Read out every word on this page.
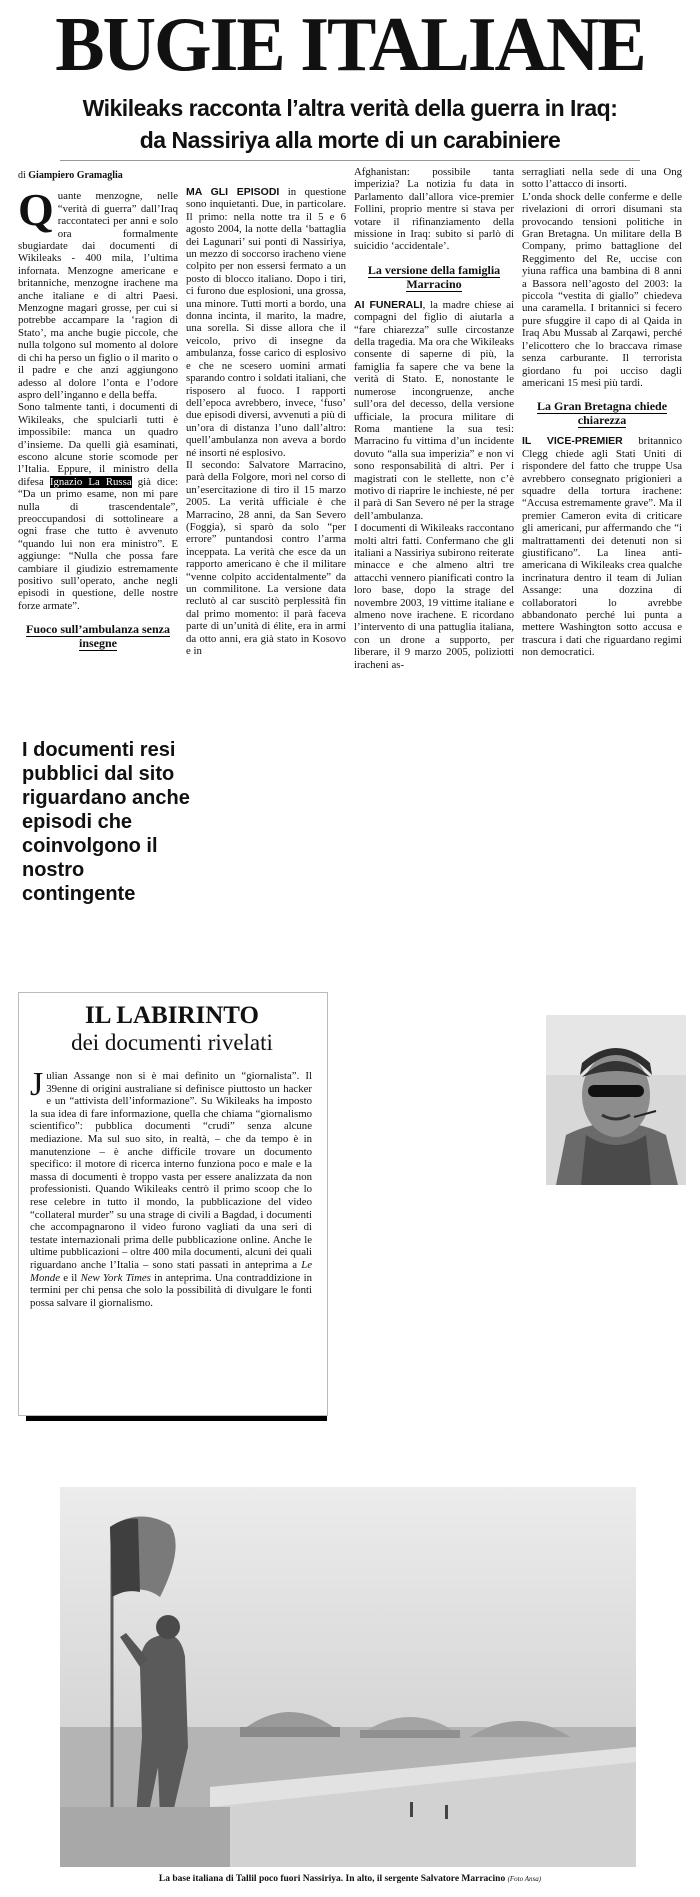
BUGIE ITALIANE
Wikileaks racconta l’altra verità della guerra in Iraq:
da Nassiriya alla morte di un carabiniere
di Giampiero Gramaglia

Quante menzogne, nelle “verità di guerra” dall’Iraq raccontateci per anni e solo ora formalmente sbugiardate dai documenti di Wikileaks - 400 mila, l’ultima infornata. Menzogne americane e britanniche, menzogne irachene ma anche italiane e di altri Paesi. Menzogne magari grosse, per cui si potrebbe accampare la ‘ragion di Stato’, ma anche bugie piccole, che nulla tolgono sul momento al dolore di chi ha perso un figlio o il marito o il padre e che anzi aggiungono adesso al dolore l’onta e l’odore aspro dell’inganno e della beffa.

Sono talmente tanti, i documenti di Wikileaks, che spulciarli tutti è impossibile: manca un quadro d’insieme. Da quelli già esaminati, escono alcune storie scomode per l’Italia. Eppure, il ministro della difesa Ignazio La Russa già dice: “Da un primo esame, non mi pare nulla di trascendentale”, preoccupandosi di sottolineare a ogni frase che tutto è avvenuto “quando lui non era ministro”. E aggiunge: “Nulla che possa fare cambiare il giudizio estremamente positivo sull’operato, anche negli episodi in questione, delle nostre forze armate”.

Fuoco sull’ambulanza senza insegne
I documenti resi pubblici dal sito riguardano anche episodi che coinvolgono il nostro contingente

MA GLI EPISODI in questione sono inquietanti. Due, in particolare. Il primo: nella notte tra il 5 e 6 agosto 2004, la notte della ‘battaglia dei Lagunari’ sui ponti di Nassiriya, un mezzo di soccorso iracheno viene colpito per non essersi fermato a un posto di blocco italiano. Dopo i tiri, ci furono due esplosioni, una grossa, una minore. Tutti morti a bordo, una donna incinta, il marito, la madre, una sorella. Si disse allora che il veicolo, privo di insegne da ambulanza, fosse carico di esplosivo e che ne scesero uomini armati sparando contro i soldati italiani, che risposero al fuoco. I rapporti dell’epoca avrebbero, invece, ‘fuso’ due episodi diversi, avvenuti a più di un’ora di distanza l’uno dall’altro: quell’ambulanza non aveva a bordo né insorti né esplosivo.

Il secondo: Salvatore Marracino, parà della Folgore, morì nel corso di un’esercitazione di tiro il 15 marzo 2005. La verità ufficiale è che Marracino, 28 anni, da San Severo (Foggia), si sparò da solo “per errore” puntandosi contro l’arma inceppata. La verità che esce da un rapporto americano è che il militare “venne colpito accidentalmente” da un commilitone. La versione data reclutò al car suscitò perplessità fin dal primo momento: il parà faceva parte di un’unità di élite, era in armi da otto anni, era già stato in Kosovo e in

Afghanistan: possibile tanta imperizia? La notizia fu data in Parlamento dall’allora vice-premier Follini, proprio mentre si stava per votare il rifinanziamento della missione in Iraq: subito si parlò di suicidio ‘accidentale’.

La versione della famiglia Marracino

AI FUNERALI, la madre chiese ai compagni del figlio di aiutarla a “fare chiarezza” sulle circostanze della tragedia. Ma ora che Wikileaks consente di saperne di più, la famiglia fa sapere che va bene la verità di Stato. E, nonostante le numerose incongruenze, anche sull’ora del decesso, della versione ufficiale, la procura militare di Roma mantiene la sua tesi: Marracino fu vittima d’un incidente dovuto “alla sua imperizia” e non vi sono responsabilità di altri. Per i magistrati con le stellette, non c’è motivo di riaprire le inchieste, né per il parà di San Severo né per la strage dell’ambulanza.

I documenti di Wikileaks raccontano molti altri fatti. Confermano che gli italiani a Nassiriya subirono reiterate minacce e che almeno altri tre attacchi vennero pianificati contro la loro base, dopo la strage del novembre 2003, 19 vittime italiane e almeno nove irachene. E ricordano l’intervento di una pattuglia italiana, con un drone a supporto, per liberare, il 9 marzo 2005, poliziotti iracheni as-

serragliati nella sede di una Ong sotto l’attacco di insorti.

L’onda shock delle conferme e delle rivelazioni di orrori disumani sta provocando tensioni politiche in Gran Bretagna. Un militare della B Company, primo battaglione del Reggimento del Re, uccise con yiuna raffica una bambina di 8 anni a Bassora nell’agosto del 2003: la piccola “vestita di giallo” chiedeva una caramella. I britannici si fecero pure sfuggire il capo di al Qaida in Iraq Abu Mussab al Zarqawi, perché l’elicottero che lo braccava rimase senza carburante. Il terrorista giordano fu poi ucciso dagli americani 15 mesi più tardi.

La Gran Bretagna chiede chiarezza

IL VICE-PREMIER britannico Clegg chiede agli Stati Uniti di rispondere del fatto che truppe Usa avrebbero consegnato prigionieri a squadre della tortura irachene: “Accusa estremamente grave”. Ma il premier Cameron evita di criticare gli americani, pur affermando che “i maltrattamenti dei detenuti non si giustificano”. La linea anti-americana di Wikileaks crea qualche incrinatura dentro il team di Julian Assange: una dozzina di collaboratori lo avrebbe abbandonato perché lui punta a mettere Washington sotto accusa e trascura i dati che riguardano regimi non democratici.

IL LABIRINTO
dei documenti rivelati
Julian Assange non si è mai definito un “giornalista”. Il 39enne di origini australiane si definisce piuttosto un hacker e un “attivista dell’informazione”. Su Wikileaks ha imposto la sua idea di fare informazione, quella che chiama “giornalismo scientifico”: pubblica documenti “crudi” senza alcune mediazione. Ma sul suo sito, in realtà, – che da tempo è in manutenzione – è anche difficile trovare un documento specifico: il motore di ricerca interno funziona poco e male e la massa di documenti è troppo vasta per essere analizzata da non professionisti. Quando Wikileaks centrò il primo scoop che lo rese celebre in tutto il mondo, la pubblicazione del video “collateral murder” su una strage di civili a Bagdad, i documenti che accompagnarono il video furono vagliati da una seri di testate internazionali prima delle pubblicazione online. Anche le ultime pubblicazioni – oltre 400 mila documenti, alcuni dei quali riguardano anche l’Italia – sono stati passati in anteprima a Le Monde e il New York Times in anteprima. Una contraddizione in termini per chi pensa che solo la possibilità di divulgare le fonti possa salvare il giornalismo.
La base italiana di Tallil poco fuori Nassiriya. In alto, il sergente Salvatore Marracino (Foto Ansa)
